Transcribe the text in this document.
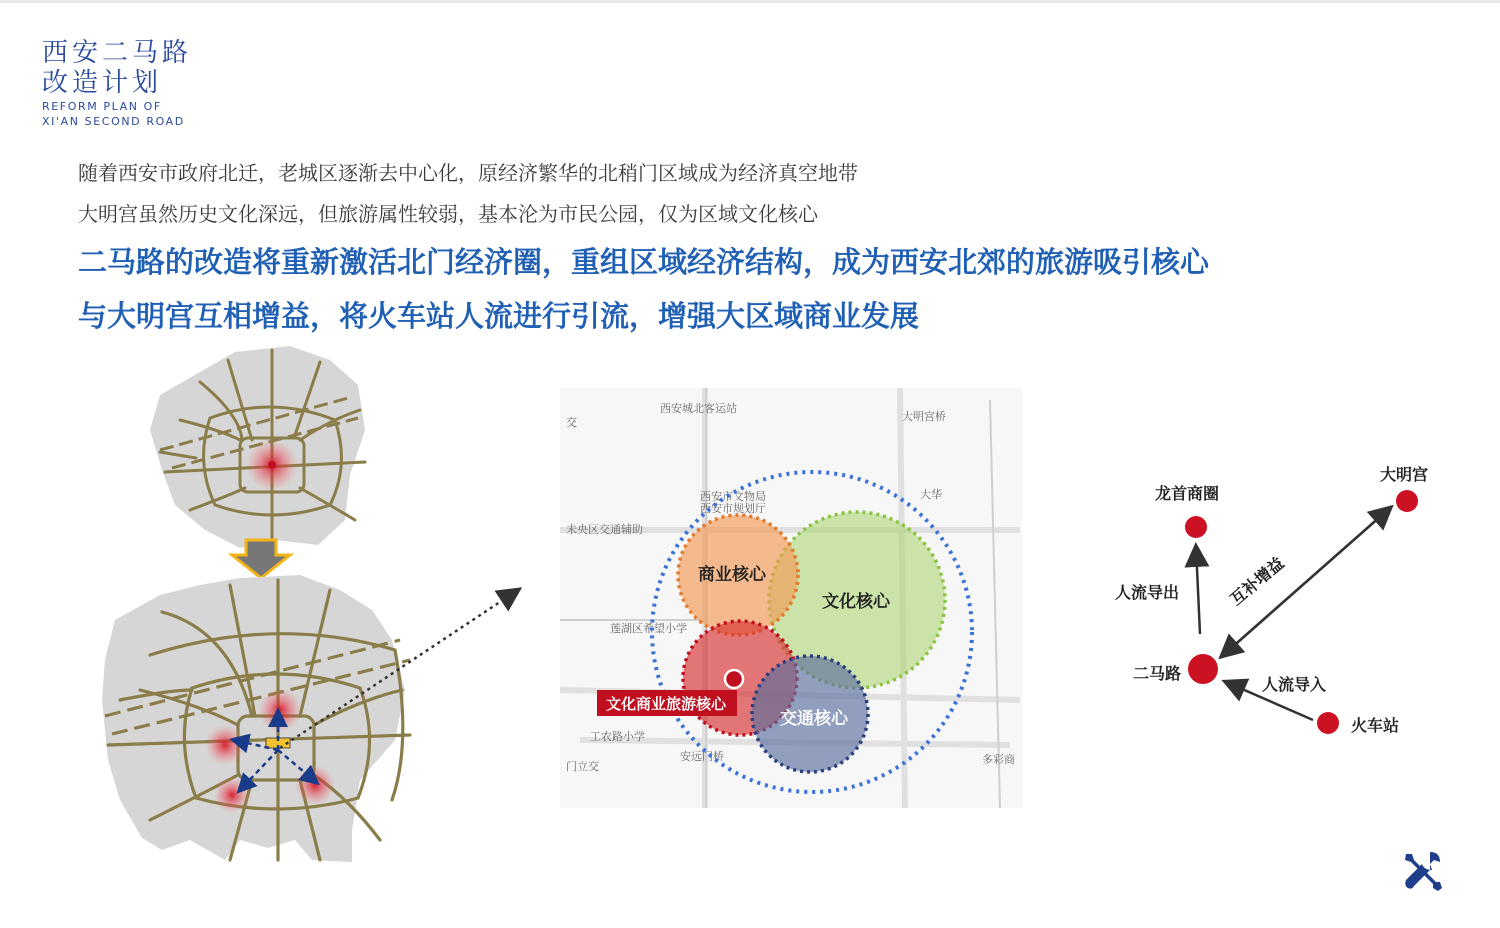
西安二马路
改造计划
REFORM PLAN OF
XI'AN SECOND ROAD
随着西安市政府北迁，老城区逐渐去中心化，原经济繁华的北稍门区域成为经济真空地带
大明宫虽然历史文化深远，但旅游属性较弱，基本沦为市民公园，仅为区域文化核心
二马路的改造将重新激活北门经济圈，重组区域经济结构，成为西安北郊的旅游吸引核心
与大明宫互相增益，将火车站人流进行引流，增强大区域商业发展
交
西安城北客运站
大明宫桥
未央区交通辅助
莲湖区希望小学
工农路小学
门立交
安远门桥
西安市文物局
西安市规划厅
大华
多彩商
商业核心
文化核心
交通核心
文化商业旅游核心
龙首商圈
大明宫
二马路
火车站
人流导出
人流导入
互补增益
